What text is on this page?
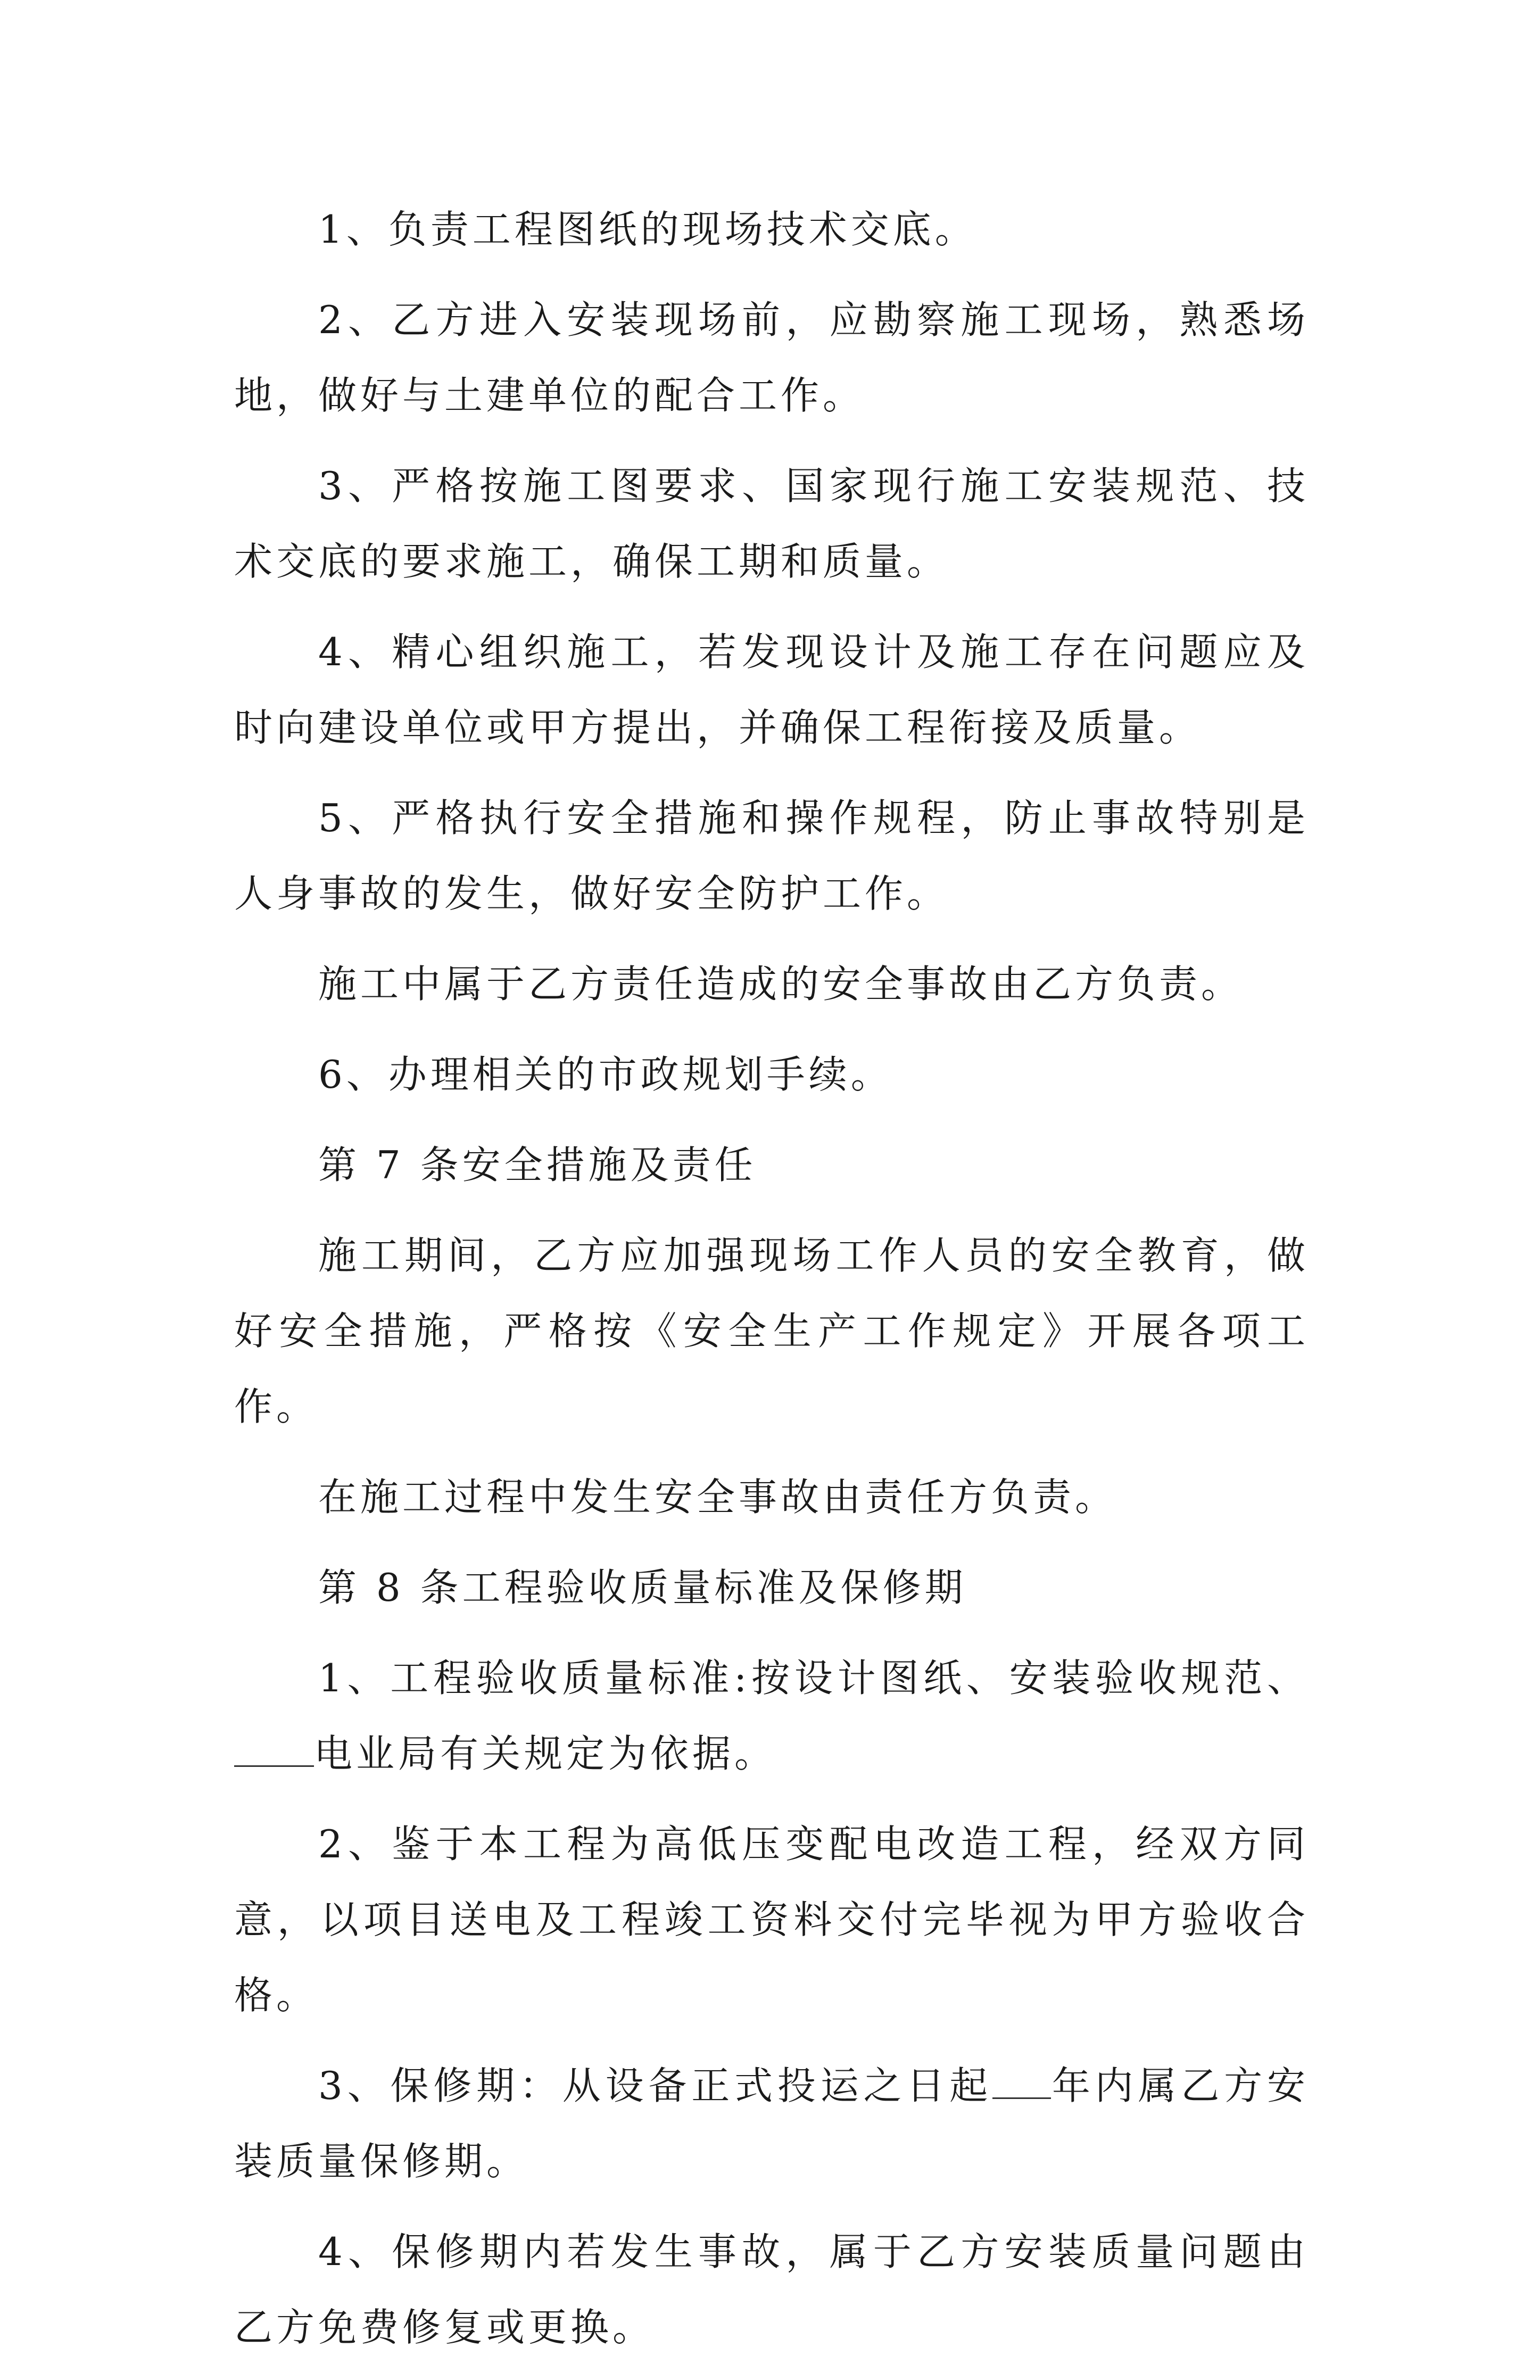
1、负责工程图纸的现场技术交底。

2、乙方进入安装现场前，应勘察施工现场，熟悉场地，做好与土建单位的配合工作。

3、严格按施工图要求、国家现行施工安装规范、技术交底的要求施工，确保工期和质量。

4、精心组织施工，若发现设计及施工存在问题应及时向建设单位或甲方提出，并确保工程衔接及质量。

5、严格执行安全措施和操作规程，防止事故特别是人身事故的发生，做好安全防护工作。

施工中属于乙方责任造成的安全事故由乙方负责。

6、办理相关的市政规划手续。

第 7 条安全措施及责任

施工期间，乙方应加强现场工作人员的安全教育，做好安全措施，严格按《安全生产工作规定》开展各项工作。

在施工过程中发生安全事故由责任方负责。

第 8 条工程验收质量标准及保修期

1、工程验收质量标准:按设计图纸、安装验收规范、电业局有关规定为依据。

2、鉴于本工程为高低压变配电改造工程，经双方同意，以项目送电及工程竣工资料交付完毕视为甲方验收合格。

3、保修期：从设备正式投运之日起 年内属乙方安装质量保修期。

4、保修期内若发生事故，属于乙方安装质量问题由乙方免费修复或更换。
